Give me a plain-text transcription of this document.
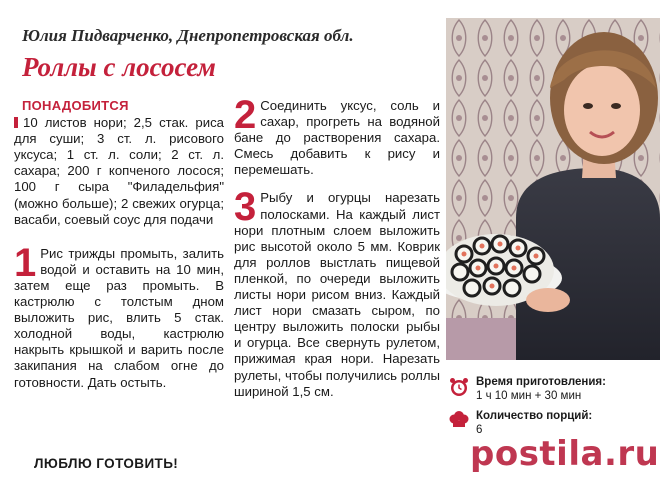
Юлия Пидварченко, Днепропетровская обл.
Роллы с лососем
ПОНАДОБИТСЯ
10 листов нори; 2,5 стак. риса для суши; 3 ст. л. рисового уксуса; 1 ст. л. соли; 2 ст. л. сахара; 200 г копченого лосося; 100 г сыра "Филадельфия" (можно больше); 2 свежих огурца; васаби, соевый соус для подачи
1 Рис трижды промыть, залить водой и оставить на 10 мин, затем еще раз промыть. В кастрюлю с толстым дном выложить рис, влить 5 стак. холодной воды, кастрюлю накрыть крышкой и варить после закипания на слабом огне до готовности. Дать остыть.
2 Соединить уксус, соль и сахар, прогреть на водяной бане до растворения сахара. Смесь добавить к рису и перемешать.
3 Рыбу и огурцы нарезать полосками. На каждый лист нори плотным слоем выложить рис высотой около 5 мм. Коврик для роллов выстлать пищевой пленкой, по очереди выложить листы нори рисом вниз. Каждый лист нори смазать сыром, по центру выложить полоски рыбы и огурца. Все свернуть рулетом, прижимая края нори. Нарезать рулеты, чтобы получились роллы шириной 1,5 см.
ЛЮБЛЮ ГОТОВИТЬ!
Время приготовления:
1 ч 10 мин + 30 мин
Количество порций:
6
postila.ru
